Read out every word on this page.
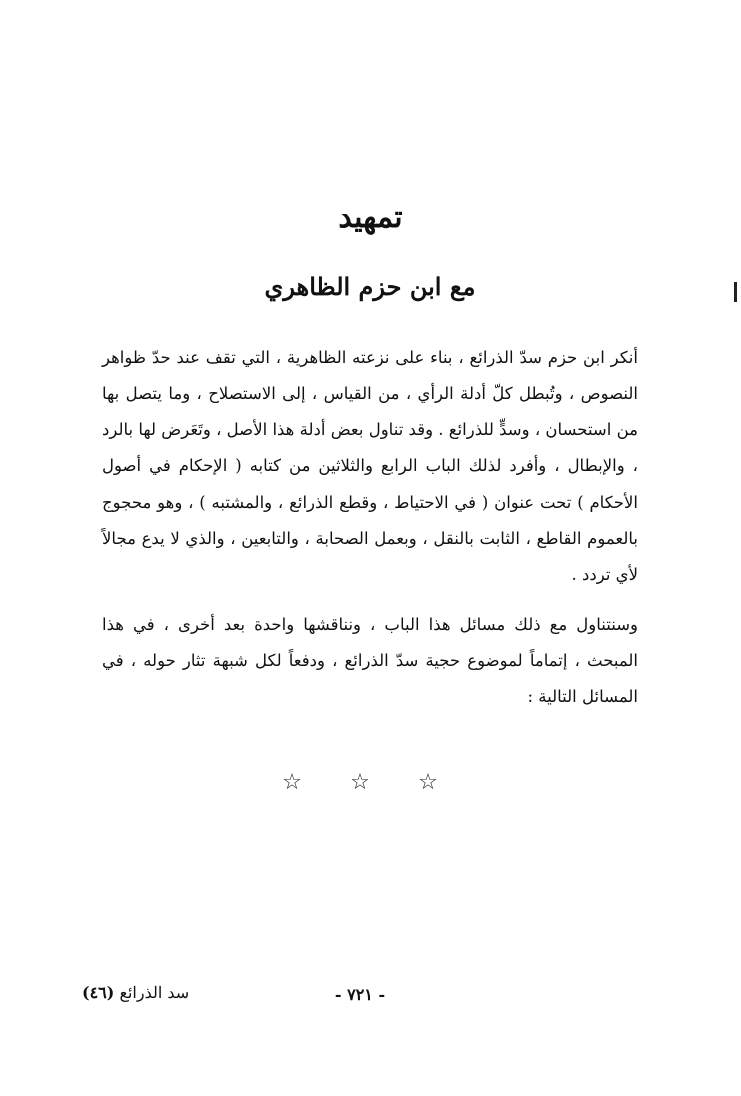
تمهيد
مع ابن حزم الظاهري

أنكر ابن حزم سدّ الذرائع ، بناء على نزعته الظاهرية ، التي تقف عند حدّ ظواهر النصوص ، وتُبطل كلّ أدلة الرأي ، من القياس ، إلى الاستصلاح ، وما يتصل بها من استحسان ، وسدٍّ للذرائع . وقد تناول بعض أدلة هذا الأصل ، وتَعَرض لها بالرد ، والإبطال ، وأفرد لذلك الباب الرابع والثلاثين من كتابه ( الإحكام في أصول الأحكام ) تحت عنوان ( في الاحتياط ، وقطع الذرائع ، والمشتبه ) ، وهو محجوج بالعموم القاطع ، الثابت بالنقل ، وبعمل الصحابة ، والتابعين ، والذي لا يدع مجالاً لأي تردد .

وسنتناول مع ذلك مسائل هذا الباب ، ونناقشها واحدة بعد أخرى ، في هذا المبحث ، إتماماً لموضوع حجية سدّ الذرائع ، ودفعاً لكل شبهة تثار حوله ، في المسائل التالية :

☆ ☆ ☆
سد الذرائع (٤٦)	- ٧٢١ -
